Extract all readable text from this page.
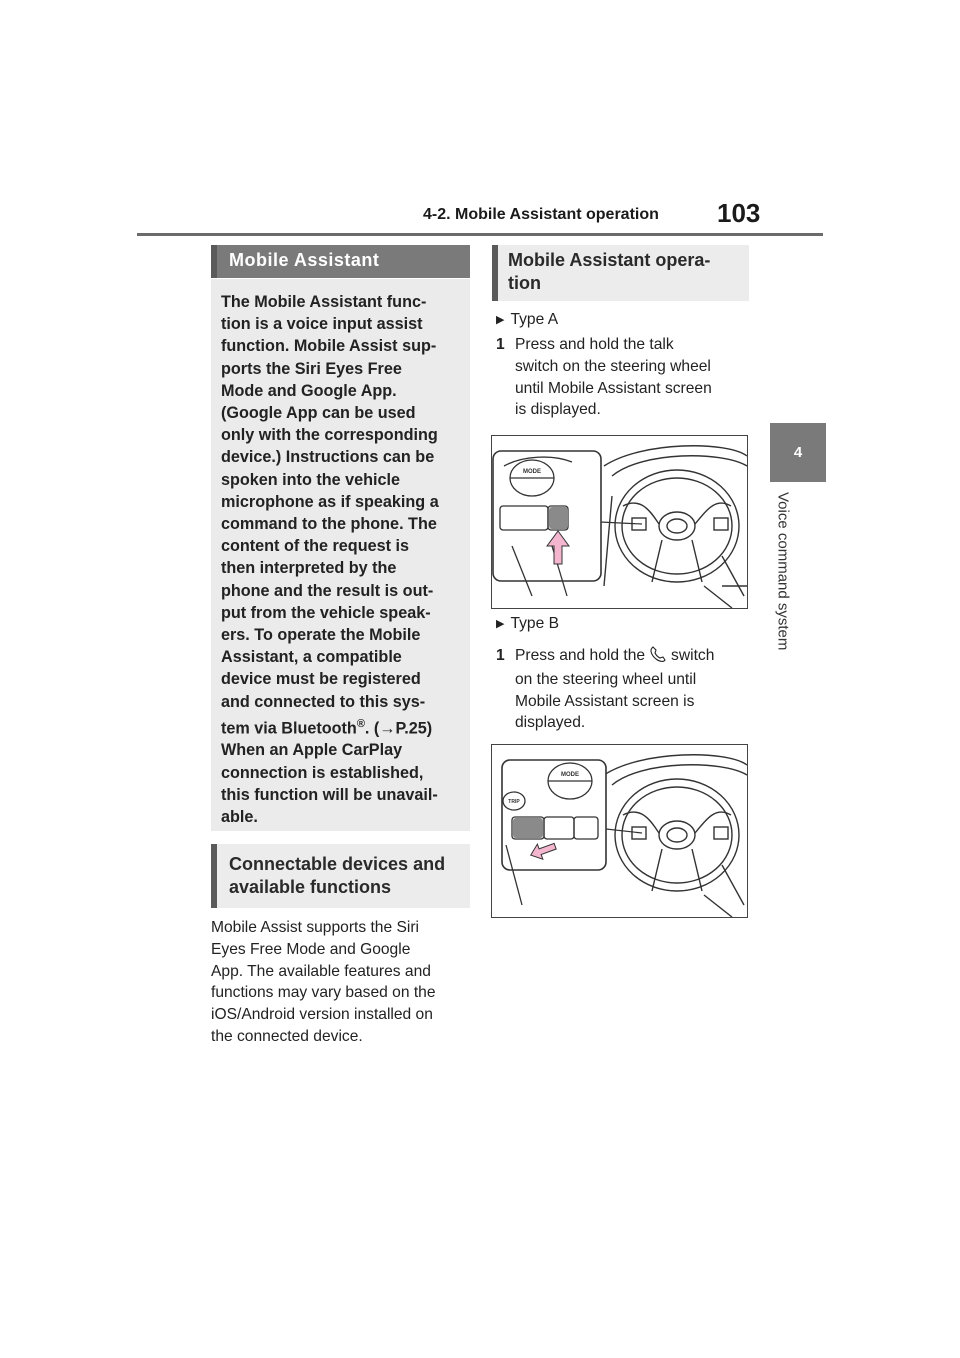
4-2. Mobile Assistant operation 103
4
Voice command system
Mobile Assistant
The Mobile Assistant func-
tion is a voice input assist
function. Mobile Assist sup-
ports the Siri Eyes Free
Mode and Google App.
(Google App can be used
only with the corresponding
device.) Instructions can be
spoken into the vehicle
microphone as if speaking a
command to the phone. The
content of the request is
then interpreted by the
phone and the result is out-
put from the vehicle speak-
ers. To operate the Mobile
Assistant, a compatible
device must be registered
and connected to this sys-
tem via Bluetooth®. (→P.25)
When an Apple CarPlay
connection is established,
this function will be unavail-
able.
Connectable devices and
available functions
Mobile Assist supports the Siri
Eyes Free Mode and Google
App. The available features and
functions may vary based on the
iOS/Android version installed on
the connected device.
Mobile Assistant opera-
tion
▶ Type A
1 Press and hold the talk
switch on the steering wheel
until Mobile Assistant screen
is displayed.
MODE
▶ Type B
1 Press and hold the switch
on the steering wheel until
Mobile Assistant screen is
displayed.
MODE
TRIP
